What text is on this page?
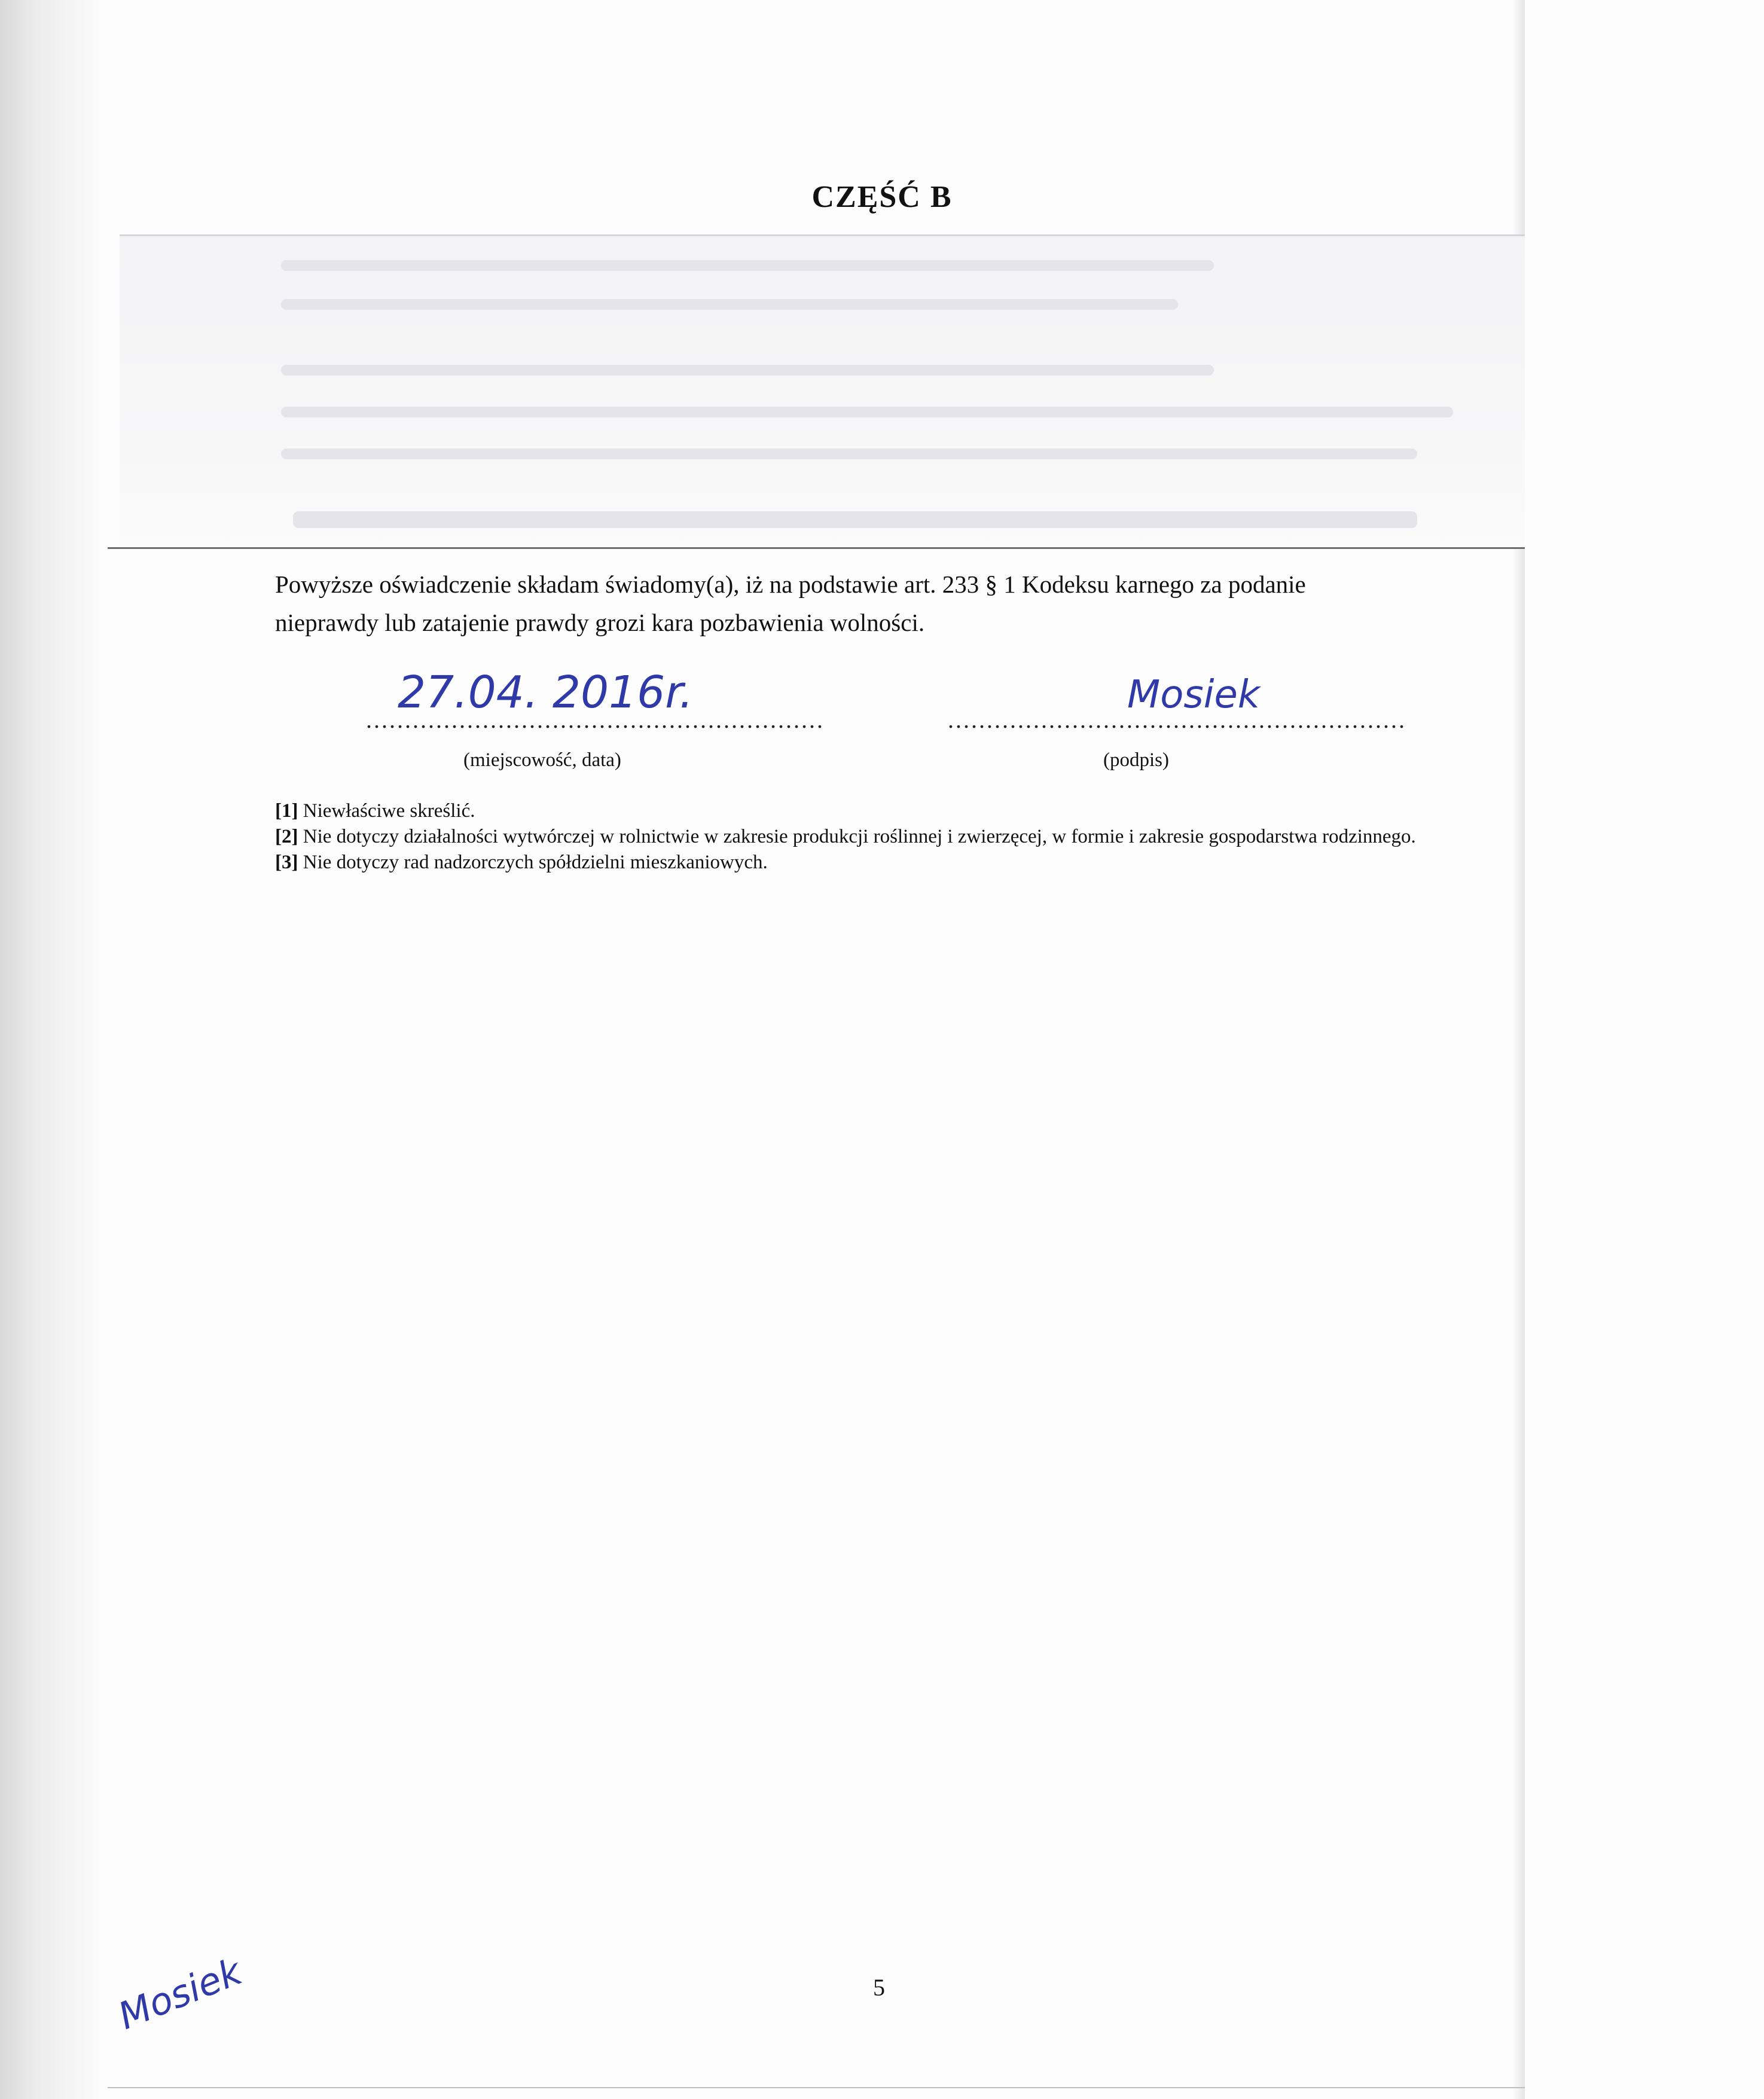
CZĘŚĆ B

Powyższe oświadczenie składam świadomy(a), iż na podstawie art. 233 § 1 Kodeksu karnego za podanie nieprawdy lub zatajenie prawdy grozi kara pozbawienia wolności.

27.04. 2016r.
...........................................................
(miejscowość, data)
Mosiek
...........................................................
(podpis)
[1] Niewłaściwe skreślić.
[2] Nie dotyczy działalności wytwórczej w rolnictwie w zakresie produkcji roślinnej i zwierzęcej, w formie i zakresie gospodarstwa rodzinnego.
[3] Nie dotyczy rad nadzorczych spółdzielni mieszkaniowych.
5
Mosiek
